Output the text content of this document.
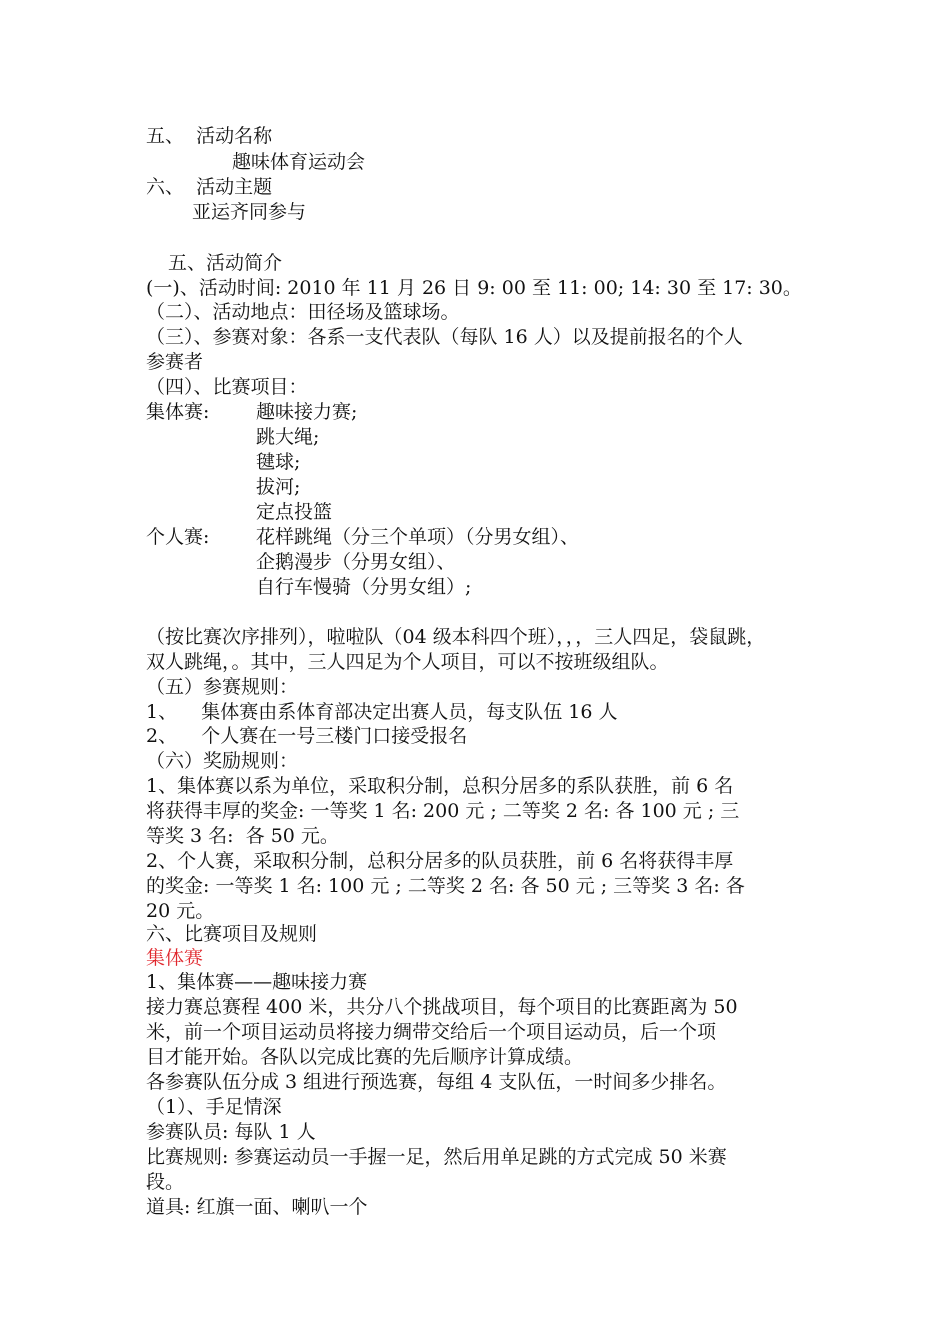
五、  活动名称
趣味体育运动会
六、  活动主题
亚运齐同参与
五、活动简介
(一)、活动时间: 2010 年 11 月 26 日 9: 00 至 11: 00; 14: 30 至 17: 30。
（二）、活动地点：田径场及篮球场。
（三）、参赛对象：各系一支代表队（每队 16 人）以及提前报名的个人
参赛者
（四）、比赛项目：
集体赛: 趣味接力赛;
跳大绳;
毽球;
拔河;
定点投篮
个人赛: 花样跳绳（分三个单项）（分男女组）、
企鹅漫步（分男女组）、
自行车慢骑（分男女组）;
（按比赛次序排列），啦啦队（04 级本科四个班），，，三人四足，袋鼠跳，
双人跳绳，。其中，三人四足为个人项目，可以不按班级组队。
（五）参赛规则：
1、    集体赛由系体育部决定出赛人员，每支队伍 16 人
2、    个人赛在一号三楼门口接受报名
（六）奖励规则：
1、集体赛以系为单位，采取积分制，总积分居多的系队获胜，前 6 名
将获得丰厚的奖金: 一等奖 1 名: 200 元 ; 二等奖 2 名: 各 100 元 ; 三
等奖 3 名:  各 50 元。
2、个人赛，采取积分制，总积分居多的队员获胜，前 6 名将获得丰厚
的奖金: 一等奖 1 名: 100 元 ; 二等奖 2 名: 各 50 元 ; 三等奖 3 名: 各
20 元。
六、比赛项目及规则
集体赛
1、集体赛——趣味接力赛
接力赛总赛程 400 米，共分八个挑战项目，每个项目的比赛距离为 50
米，前一个项目运动员将接力绸带交给后一个项目运动员，后一个项
目才能开始。各队以完成比赛的先后顺序计算成绩。
各参赛队伍分成 3 组进行预选赛，每组 4 支队伍，一时间多少排名。
（1）、手足情深
参赛队员: 每队 1 人
比赛规则: 参赛运动员一手握一足，然后用单足跳的方式完成 50 米赛
段。
道具: 红旗一面、喇叭一个
